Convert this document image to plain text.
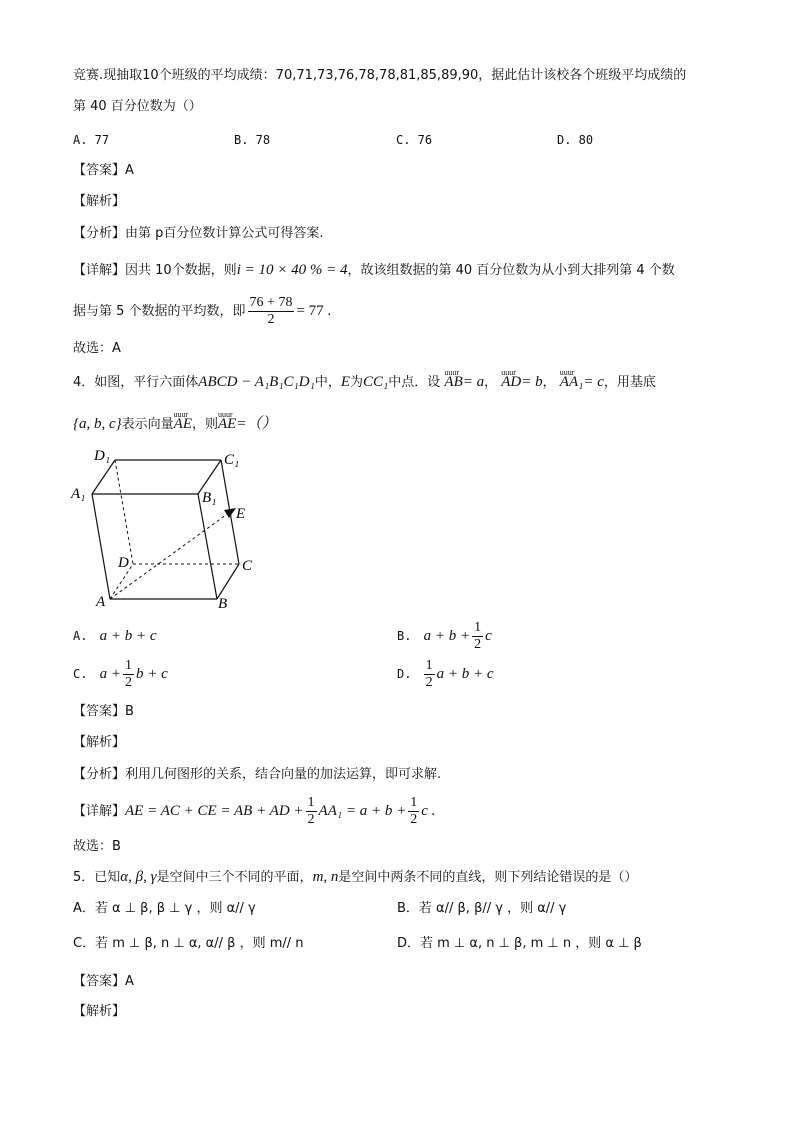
竞赛.现抽取10个班级的平均成绩：70,71,73,76,78,78,81,85,89,90，据此估计该校各个班级平均成绩的
第 40 百分位数为（）
A. 77	B. 78	C. 76	D. 80
【答案】A
【解析】
【分析】由第 p百分位数计算公式可得答案.
【详解】因共 10个数据，则i = 10 × 40 % = 4，故该组数据的第 40 百分位数为从小到大排列第 4 个数
据与第 5 个数据的平均数，即 $\frac{76 + 78}{2} = 77$ .
故选：A
4．如图，平行六面体ABCD − A₁B₁C₁D₁中，E为CC₁中点．设 uuur AB= a， uuur AD= b， uuur AA₁= c，用基底
{a, b, c}表示向量uuur AE，则uuur AE=（）
D₁	C₁
A₁	B₁
E
D	C
A	B
A. a + b + c	B. $a + b + \frac{1}{2}$ c
C. $a + \frac{1}{2}$ b + c	D. $\frac{1}{2}$ a + b + c
【答案】B
【解析】
【分析】利用几何图形的关系，结合向量的加法运算，即可求解.
【详解】AE = AC + CE = AB + AD + $\frac{1}{2} AA_1 = a + b + \frac{1}{2}$ c .
故选：B
5．已知α, β, γ是空间中三个不同的平面，m, n是空间中两条不同的直线，则下列结论错误的是（）
A．若 α ⊥ β, β ⊥ γ ，则 α// γ	B．若 α// β, β// γ ，则 α// γ
C．若 m ⊥ β, n ⊥ α, α// β ，则 m// n	D．若 m ⊥ α, n ⊥ β, m ⊥ n ，则 α ⊥ β
【答案】A
【解析】
